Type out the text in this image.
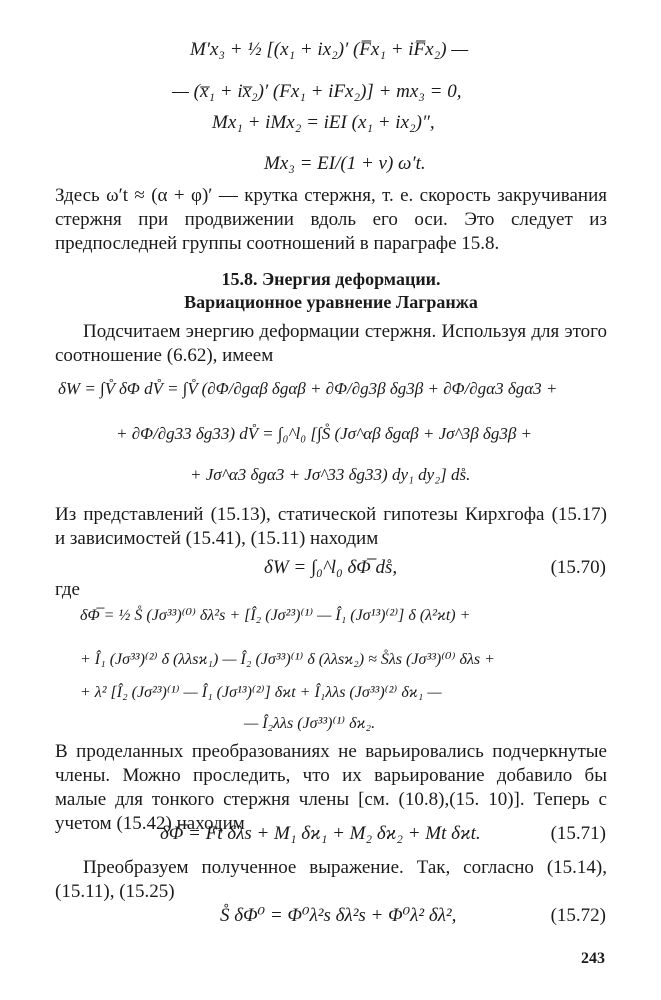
M′x₃ + ½ [(x₁ + ix₂)′ (F̅x₁ + iF̅x₂) —
— (x̅₁ + ix̅₂)′ (Fx₁ + iFx₂)] + mx₃ = 0,
Mx₁ + iMx₂ = iEI (x₁ + ix₂)″,
Mx₃ = EI/(1 + ν) ω′t.
Здесь ω′t ≈ (α + φ)′ — крутка стержня, т. е. скорость закручивания стержня при продвижении вдоль его оси. Это следует из предпоследней группы соотношений в параграфе 15.8.
15.8. Энергия деформации.
Вариационное уравнение Лагранжа
Подсчитаем энергию деформации стержня. Используя для этого соотношение (6.62), имеем
δW = ∫V̊ δΦ dV̊ = ∫V̊ (∂Φ/∂gαβ δgαβ + ∂Φ/∂g3β δg3β + ∂Φ/∂gα3 δgα3 +
+ ∂Φ/∂g33 δg33) dV̊ = ∫₀^l₀ [∫S̊ (Jσ^αβ δgαβ + Jσ^3β δg3β +
+ Jσ^α3 δgα3 + Jσ^33 δg33) dy₁ dy₂] ds̊.
Из представлений (15.13), статической гипотезы Кирхгофа (15.17) и зависимостей (15.41), (15.11) находим
δW = ∫₀^l₀ δΦ̅ ds̊,	(15.70)
где
δΦ̅ = ½ S̊ (Jσ³³)⁽⁰⁾ δλ²s + [Î₂ (Jσ²³)⁽¹⁾ — Î₁ (Jσ¹³)⁽²⁾] δ (λ²ϰt) +
+ Î₁ (Jσ³³)⁽²⁾ δ (λλsϰ₁) — Î₂ (Jσ³³)⁽¹⁾ δ (λλsϰ₂) ≈ S̊λs (Jσ³³)⁽⁰⁾ δλs +
+ λ² [Î₂ (Jσ²³)⁽¹⁾ — Î₁ (Jσ¹³)⁽²⁾] δϰt + Î₁λλs (Jσ³³)⁽²⁾ δϰ₁ —
— Î₂λλs (Jσ³³)⁽¹⁾ δϰ₂.
В проделанных преобразованиях не варьировались подчеркнутые члены. Можно проследить, что их варьирование добавило бы малые для тонкого стержня члены [см. (10.8),(15. 10)]. Теперь с учетом (15.42) находим
δΦ̅ = Ft δλs + M₁ δϰ₁ + M₂ δϰ₂ + Mt δϰt.	(15.71)
Преобразуем полученное выражение. Так, согласно (15.14), (15.11), (15.25)
S̊ δΦ⁰ = Φ⁰λ²s δλ²s + Φ⁰λ² δλ²,	(15.72)
243
